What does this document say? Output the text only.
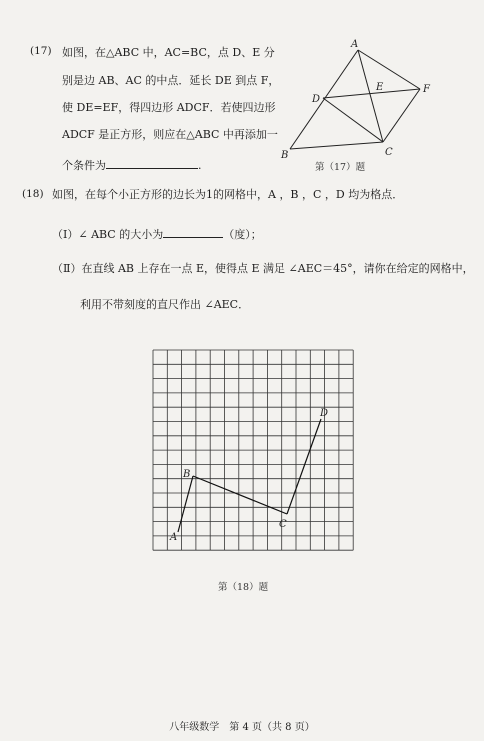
(17) 如图，在△ABC 中，AC=BC，点 D、E 分
别是边 AB、AC 的中点．延长 DE 到点 F，
使 DE=EF，得四边形 ADCF．若使四边形
ADCF 是正方形，则应在△ABC 中再添加一
个条件为	.
A
B	C
D
E	F
第（17）题
(18) 如图，在每个小正方形的边长为1的网格中，A ，B ，C ，D 均为格点．
（Ⅰ）∠ ABC 的大小为	（度）；
（Ⅱ）在直线 AB 上存在一点 E，使得点 E 满足 ∠AEC＝45°，请你在给定的网格中，
利用不带刻度的直尺作出 ∠AEC．
A
B
C
D
第（18）题
八年级数学　第 4 页（共 8 页）
